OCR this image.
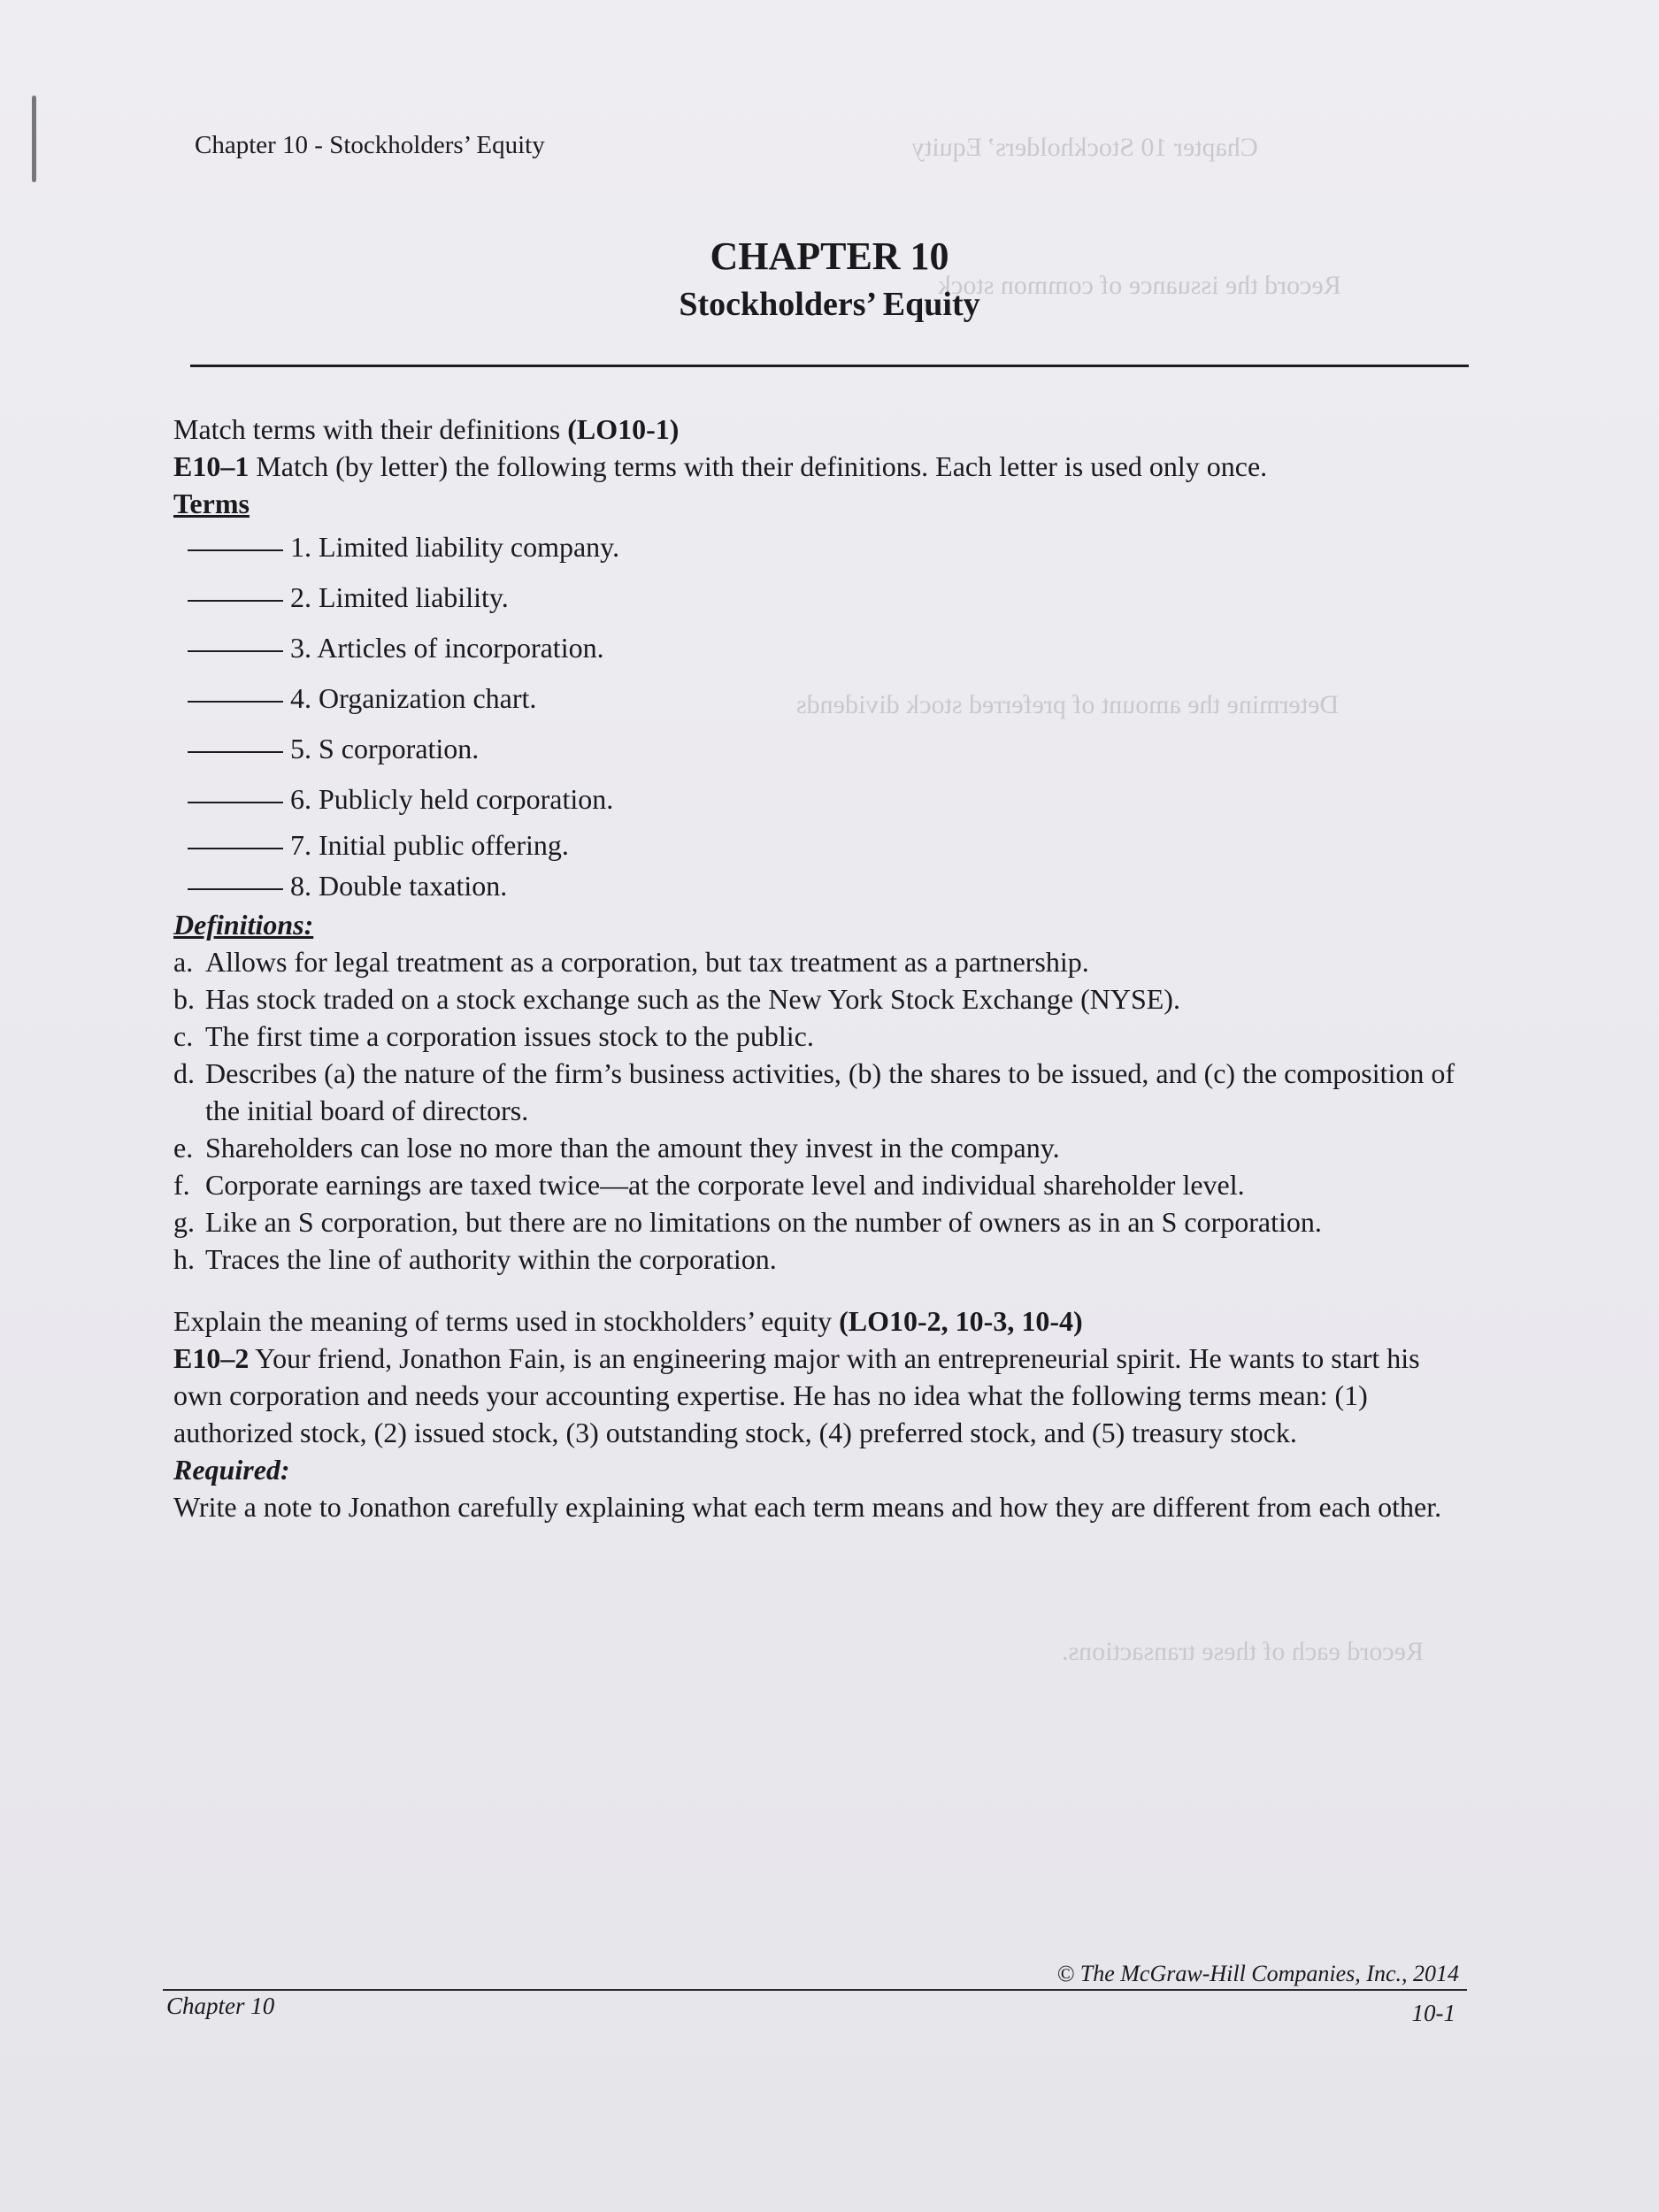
Chapter 10 Stockholders’ Equity
Record the issuance of common stock
Determine the amount of preferred stock dividends
Record each of these transactions.
Chapter 10 - Stockholders’ Equity
CHAPTER 10
Stockholders’ Equity
Match terms with their definitions (LO10-1)
E10–1 Match (by letter) the following terms with their definitions. Each letter is used only once.
Terms
1. Limited liability company.
2. Limited liability.
3. Articles of incorporation.
4. Organization chart.
5. S corporation.
6. Publicly held corporation.
7. Initial public offering.
8. Double taxation.
Definitions:
a. Allows for legal treatment as a corporation, but tax treatment as a partnership.
b. Has stock traded on a stock exchange such as the New York Stock Exchange (NYSE).
c. The first time a corporation issues stock to the public.
d. Describes (a) the nature of the firm’s business activities, (b) the shares to be issued, and (c) the composition of the initial board of directors.
e. Shareholders can lose no more than the amount they invest in the company.
f. Corporate earnings are taxed twice—at the corporate level and individual shareholder level.
g. Like an S corporation, but there are no limitations on the number of owners as in an S corporation.
h. Traces the line of authority within the corporation.
Explain the meaning of terms used in stockholders’ equity (LO10-2, 10-3, 10-4)
E10–2 Your friend, Jonathon Fain, is an engineering major with an entrepreneurial spirit. He wants to start his own corporation and needs your accounting expertise. He has no idea what the following terms mean: (1) authorized stock, (2) issued stock, (3) outstanding stock, (4) preferred stock, and (5) treasury stock.
Required:
Write a note to Jonathon carefully explaining what each term means and how they are different from each other.
© The McGraw-Hill Companies, Inc., 2014
Chapter 10	10-1
